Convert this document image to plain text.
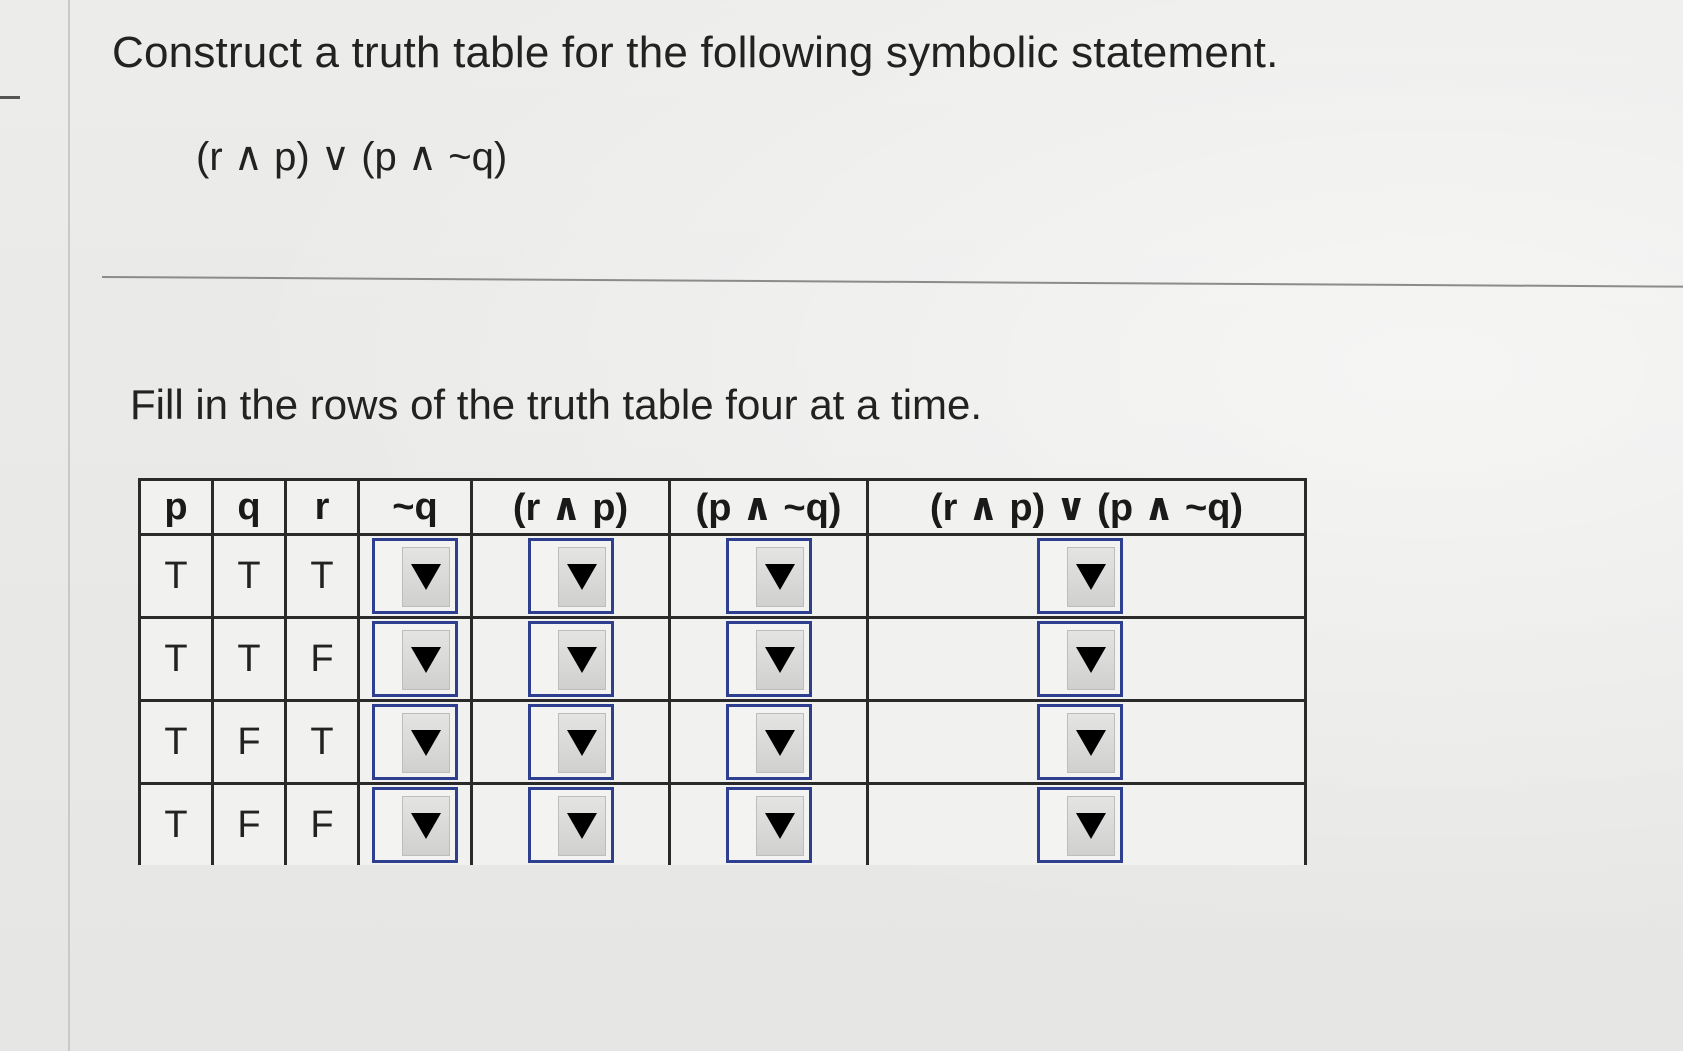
Construct a truth table for the following symbolic statement.
(r ∧ p) ∨ (p ∧ ~q)
Fill in the rows of the truth table four at a time.
p	q	r	~q	(r ∧ p)	(p ∧ ~q)	(r ∧ p) ∨ (p ∧ ~q)
T	T	T	

T	T	F	

T	F	T	

T	F	F	
